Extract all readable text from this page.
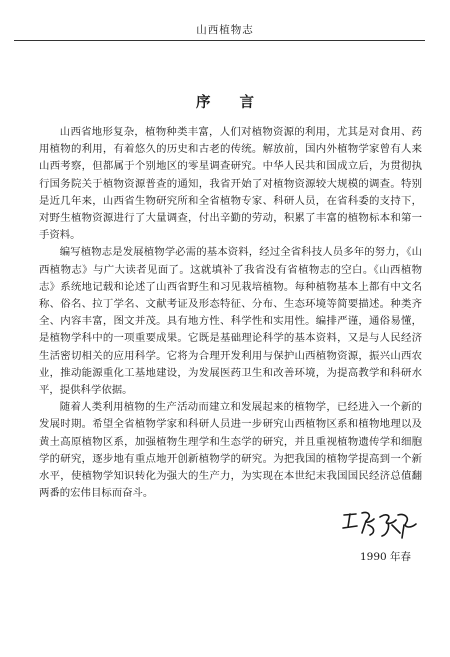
山西植物志
序 言

山西省地形复杂，植物种类丰富，人们对植物资源的利用，尤其是对食用、药用植物的利用，有着悠久的历史和古老的传统。解放前，国内外植物学家曾有人来山西考察，但都属于个别地区的零星调查研究。中华人民共和国成立后，为贯彻执行国务院关于植物资源普查的通知，我省开始了对植物资源较大规模的调查。特别是近几年来，山西省生物研究所和全省植物专家、科研人员，在省科委的支持下，对野生植物资源进行了大量调查，付出辛勤的劳动，积累了丰富的植物标本和第一手资料。

编写植物志是发展植物学必需的基本资料，经过全省科技人员多年的努力，《山西植物志》与广大读者见面了。这就填补了我省没有省植物志的空白。《山西植物志》系统地记载和论述了山西省野生和习见栽培植物。每种植物基本上都有中文名称、俗名、拉丁学名、文献考证及形态特征、分布、生态环境等简要描述。种类齐全、内容丰富，图文并茂。具有地方性、科学性和实用性。编排严谨，通俗易懂，是植物学科中的一项重要成果。它既是基础理论科学的基本资料，又是与人民经济生活密切相关的应用科学。它将为合理开发利用与保护山西植物资源，振兴山西农业，推动能源重化工基地建设，为发展医药卫生和改善环境，为提高教学和科研水平，提供科学依据。

随着人类利用植物的生产活动而建立和发展起来的植物学，已经进入一个新的发展时期。希望全省植物学家和科研人员进一步研究山西植物区系和植物地理以及黄土高原植物区系，加强植物生理学和生态学的研究，并且重视植物遗传学和细胞学的研究，逐步地有重点地开创新植物学的研究。为把我国的植物学提高到一个新水平，使植物学知识转化为强大的生产力，为实现在本世纪末我国国民经济总值翻两番的宏伟目标而奋斗。

1990 年春
